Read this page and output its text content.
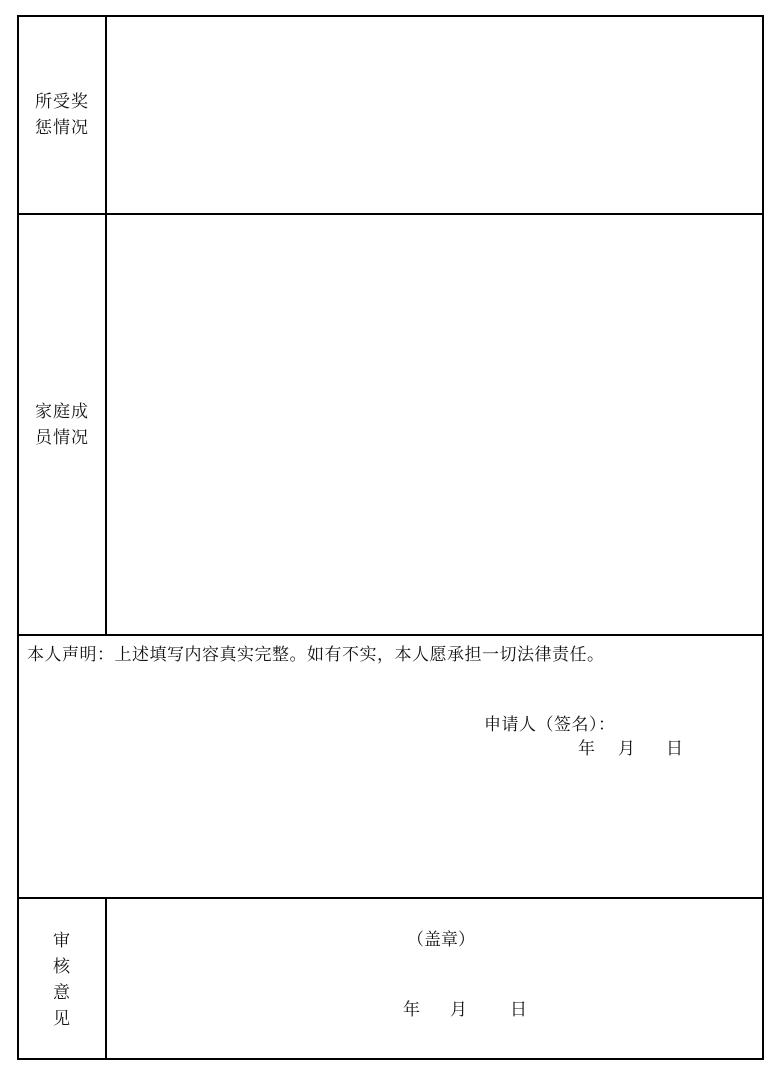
所受奖惩情况
家庭成员情况
本人声明：上述填写内容真实完整。如有不实，本人愿承担一切法律责任。
申请人（签名）：
年 月 日
审核意见
（盖章）
年 月	日
